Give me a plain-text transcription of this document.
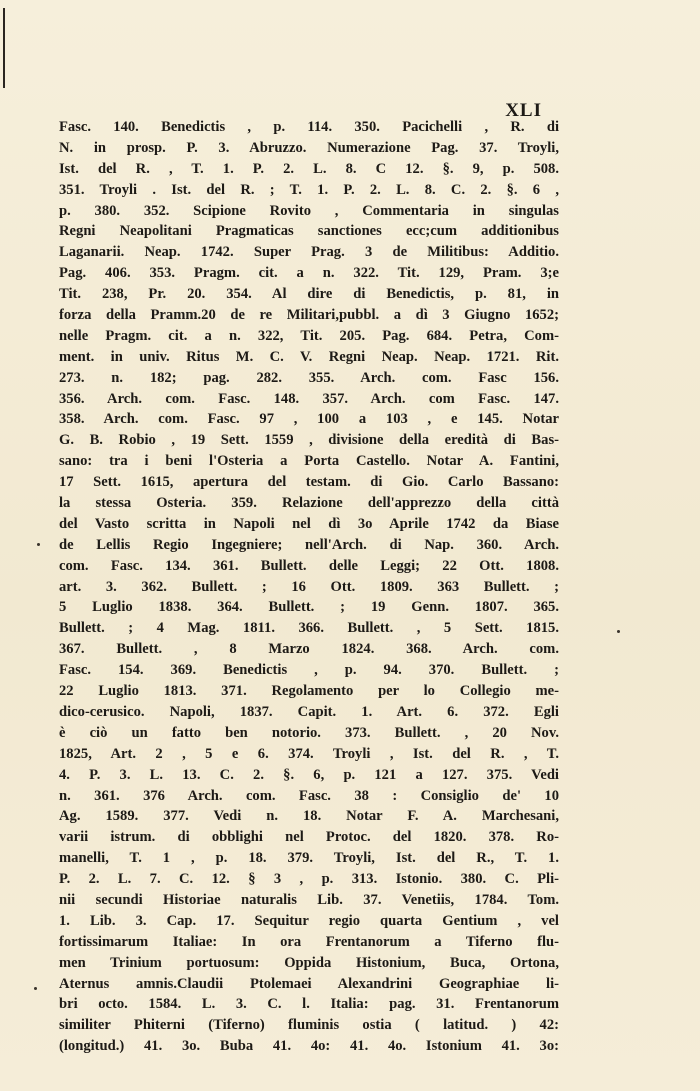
XLI
Fasc. 140. Benedictis , p. 114. 350. Pacichelli , R. di
N. in prosp. P. 3. Abruzzo. Numerazione Pag. 37. Troyli,
Ist. del R. , T. 1. P. 2. L. 8. C 12. §. 9, p. 508.
351. Troyli . Ist. del R. ; T. 1. P. 2. L. 8. C. 2. §. 6 ,
p. 380. 352. Scipione Rovito , Commentaria in singulas
Regni Neapolitani Pragmaticas sanctiones ecc;cum additionibus
Laganarii. Neap. 1742. Super Prag. 3 de Militibus: Additio.
Pag. 406. 353. Pragm. cit. a n. 322. Tit. 129, Pram. 3;e
Tit. 238, Pr. 20. 354. Al dire di Benedictis, p. 81, in
forza della Pramm.20 de re Militari,pubbl. a dì 3 Giugno 1652;
nelle Pragm. cit. a n. 322, Tit. 205. Pag. 684. Petra, Com-
ment. in univ. Ritus M. C. V. Regni Neap. Neap. 1721. Rit.
273. n. 182; pag. 282. 355. Arch. com. Fasc 156.
356. Arch. com. Fasc. 148. 357. Arch. com Fasc. 147.
358. Arch. com. Fasc. 97 , 100 a 103 , e 145. Notar
G. B. Robio , 19 Sett. 1559 , divisione della eredità di Bas-
sano: tra i beni l'Osteria a Porta Castello. Notar A. Fantini,
17 Sett. 1615, apertura del testam. di Gio. Carlo Bassano:
la stessa Osteria. 359. Relazione dell'apprezzo della città
del Vasto scritta in Napoli nel dì 3o Aprile 1742 da Biase
de Lellis Regio Ingegniere; nell'Arch. di Nap. 360. Arch.
com. Fasc. 134. 361. Bullett. delle Leggi; 22 Ott. 1808.
art. 3. 362. Bullett. ; 16 Ott. 1809. 363 Bullett. ;
5 Luglio 1838. 364. Bullett. ; 19 Genn. 1807. 365.
Bullett. ; 4 Mag. 1811. 366. Bullett. , 5 Sett. 1815.
367. Bullett. , 8 Marzo 1824. 368. Arch. com.
Fasc. 154. 369. Benedictis , p. 94. 370. Bullett. ;
22 Luglio 1813. 371. Regolamento per lo Collegio me-
dico-cerusico. Napoli, 1837. Capit. 1. Art. 6. 372. Egli
è ciò un fatto ben notorio. 373. Bullett. , 20 Nov.
1825, Art. 2 , 5 e 6. 374. Troyli , Ist. del R. , T.
4. P. 3. L. 13. C. 2. §. 6, p. 121 a 127. 375. Vedi
n. 361. 376 Arch. com. Fasc. 38 : Consiglio de' 10
Ag. 1589. 377. Vedi n. 18. Notar F. A. Marchesani,
varii istrum. di obblighi nel Protoc. del 1820. 378. Ro-
manelli, T. 1 , p. 18. 379. Troyli, Ist. del R., T. 1.
P. 2. L. 7. C. 12. § 3 , p. 313. Istonio. 380. C. Pli-
nii secundi Historiae naturalis Lib. 37. Venetiis, 1784. Tom.
1. Lib. 3. Cap. 17. Sequitur regio quarta Gentium , vel
fortissimarum Italiae: In ora Frentanorum a Tiferno flu-
men Trinium portuosum: Oppida Histonium, Buca, Ortona,
Aternus amnis.Claudii Ptolemaei Alexandrini Geographiae li-
bri octo. 1584. L. 3. C. l. Italia: pag. 31. Frentanorum
similiter Phiterni (Tiferno) fluminis ostia ( latitud. ) 42:
(longitud.) 41. 3o. Buba 41. 4o: 41. 4o. Istonium 41. 3o:
